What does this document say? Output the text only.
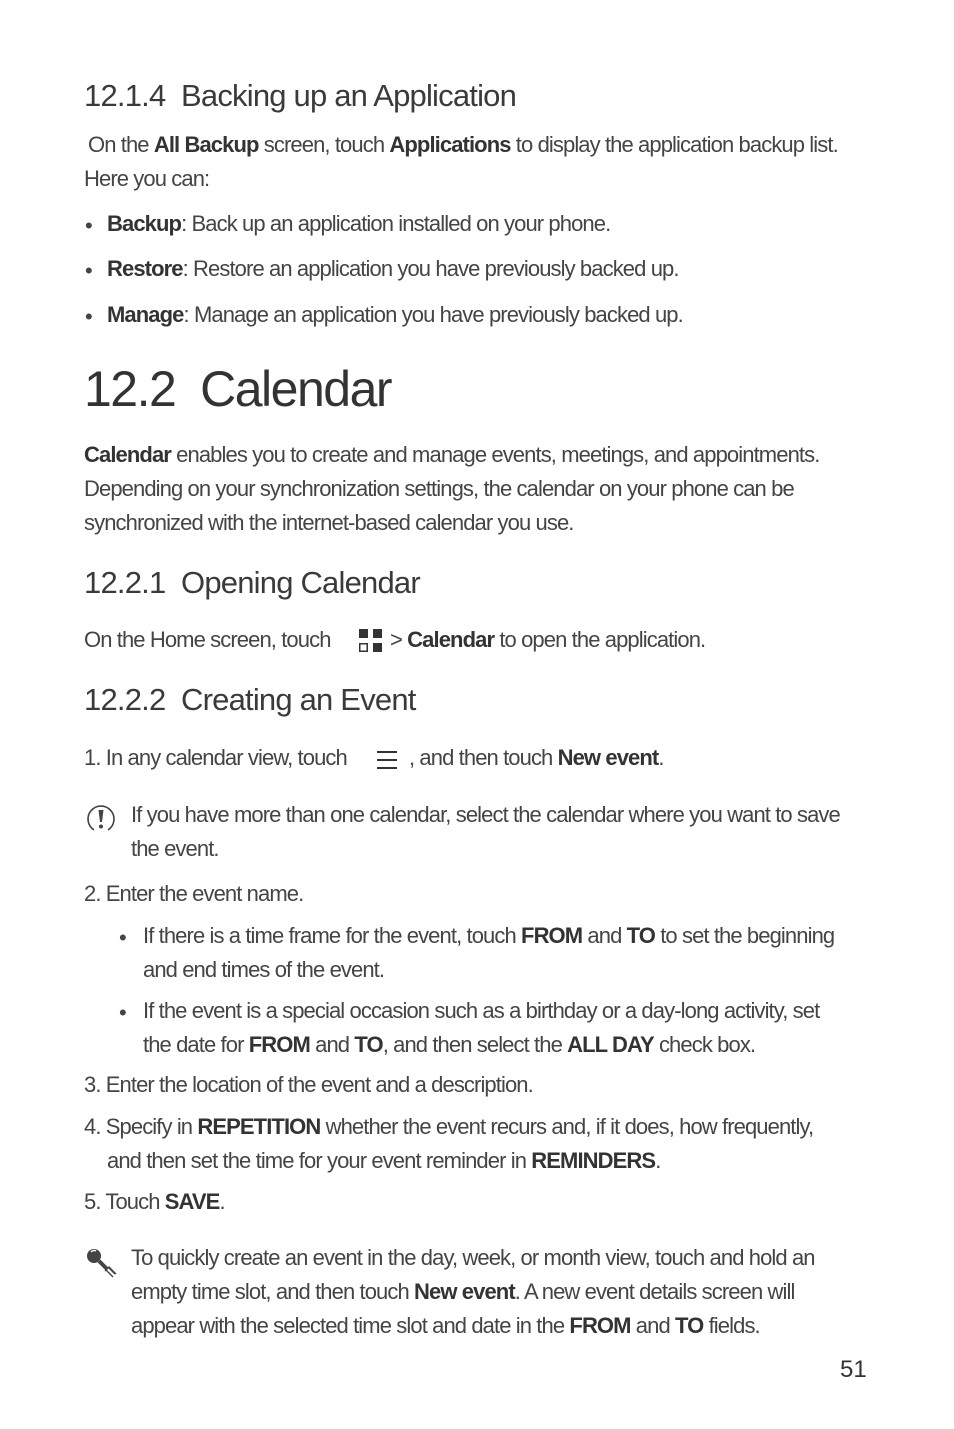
12.1.4 Backing up an Application
On the All Backup screen, touch Applications to display the application backup list.
Here you can:
• Backup: Back up an application installed on your phone.
• Restore: Restore an application you have previously backed up.
• Manage: Manage an application you have previously backed up.
12.2 Calendar
Calendar enables you to create and manage events, meetings, and appointments.
Depending on your synchronization settings, the calendar on your phone can be
synchronized with the internet-based calendar you use.
12.2.1 Opening Calendar
On the Home screen, touch	> Calendar to open the application.
12.2.2 Creating an Event
1. In any calendar view, touch	, and then touch New event.
If you have more than one calendar, select the calendar where you want to save
the event.
2. Enter the event name.
• If there is a time frame for the event, touch FROM and TO to set the beginning
and end times of the event.
• If the event is a special occasion such as a birthday or a day-long activity, set
the date for FROM and TO, and then select the ALL DAY check box.
3. Enter the location of the event and a description.
4. Specify in REPETITION whether the event recurs and, if it does, how frequently,
and then set the time for your event reminder in REMINDERS.
5. Touch SAVE.
To quickly create an event in the day, week, or month view, touch and hold an
empty time slot, and then touch New event. A new event details screen will
appear with the selected time slot and date in the FROM and TO fields.
51
